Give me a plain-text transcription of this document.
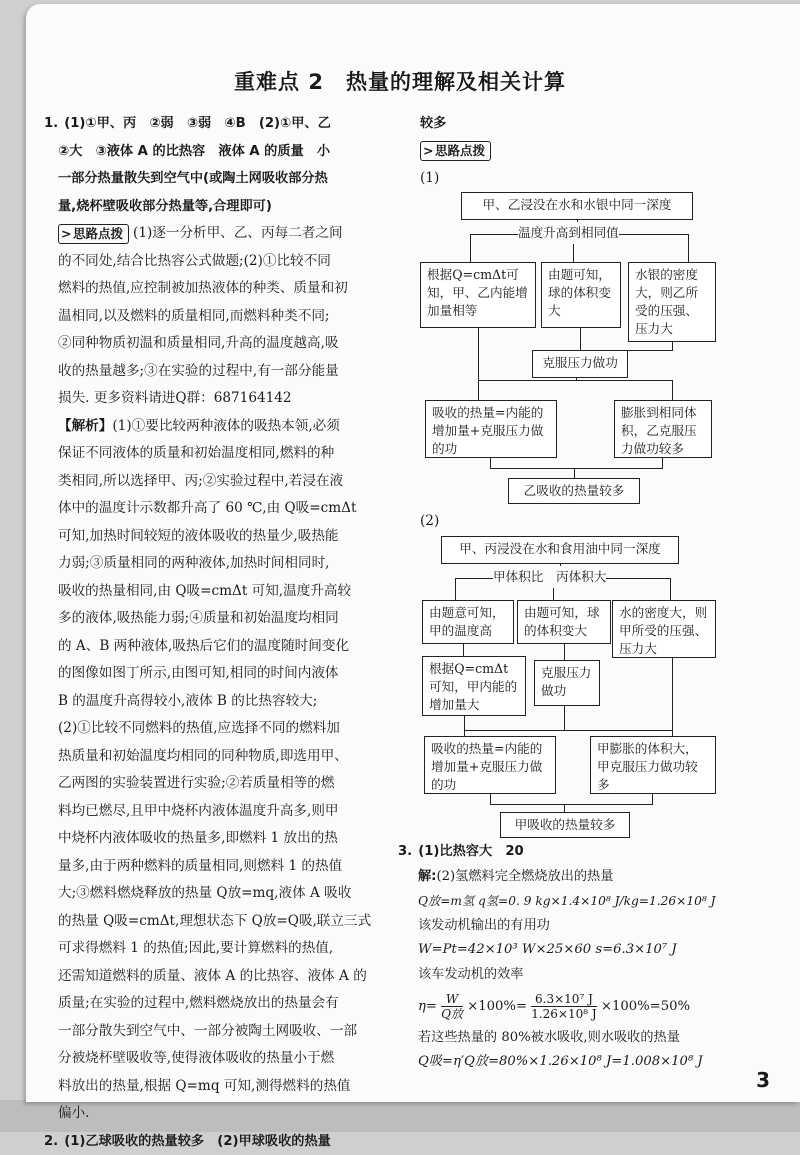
重难点 2　热量的理解及相关计算
1. (1)①甲、丙　②弱　③弱　④B　(2)①甲、乙
②大　③液体 A 的比热容　液体 A 的质量　小
一部分热量散失到空气中(或陶土网吸收部分热
量,烧杯壁吸收部分热量等,合理即可)
> 思路点拨 (1)逐一分析甲、乙、丙每二者之间
的不同处,结合比热容公式做题;(2)①比较不同
燃料的热值,应控制被加热液体的种类、质量和初
温相同,以及燃料的质量相同,而燃料种类不同;
②同种物质初温和质量相同,升高的温度越高,吸
收的热量越多;③在实验的过程中,有一部分能量
损失. 更多资料请进Q群：687164142
【解析】(1)①要比较两种液体的吸热本领,必须
保证不同液体的质量和初始温度相同,燃料的种
类相同,所以选择甲、丙;②实验过程中,若浸在液
体中的温度计示数都升高了 60 ℃,由 Q吸=cmΔt
可知,加热时间较短的液体吸收的热量少,吸热能
力弱;③质量相同的两种液体,加热时间相同时,
吸收的热量相同,由 Q吸=cmΔt 可知,温度升高较
多的液体,吸热能力弱;④质量和初始温度均相同
的 A、B 两种液体,吸热后它们的温度随时间变化
的图像如图丁所示,由图可知,相同的时间内液体
B 的温度升高得较小,液体 B 的比热容较大;
(2)①比较不同燃料的热值,应选择不同的燃料加
热质量和初始温度均相同的同种物质,即选用甲、
乙两图的实验装置进行实验;②若质量相等的燃
料均已燃尽,且甲中烧杯内液体温度升高多,则甲
中烧杯内液体吸收的热量多,即燃料 1 放出的热
量多,由于两种燃料的质量相同,则燃料 1 的热值
大;③燃料燃烧释放的热量 Q放=mq,液体 A 吸收
的热量 Q吸=cmΔt,理想状态下 Q放=Q吸,联立三式
可求得燃料 1 的热值;因此,要计算燃料的热值,
还需知道燃料的质量、液体 A 的比热容、液体 A 的
质量;在实验的过程中,燃料燃烧放出的热量会有
一部分散失到空气中、一部分被陶土网吸收、一部
分被烧杯壁吸收等,使得液体吸收的热量小于燃
料放出的热量,根据 Q=mq 可知,测得燃料的热值
偏小.
2. (1)乙球吸收的热量较多　(2)甲球吸收的热量
较多
> 思路点拨
(1)
甲、乙浸没在水和水银中同一深度
温度升高到相同值
根据Q=cmΔt可知，甲、乙内能增加量相等
由题可知，球的体积变大
水银的密度大，则乙所受的压强、压力大
克服压力做功
吸收的热量=内能的增加量+克服压力做的功
膨胀到相同体积，乙克服压力做功较多
乙吸收的热量较多
(2)
甲、丙浸没在水和食用油中同一深度
甲体积比　丙体积大
由题意可知，甲的温度高
由题可知，球的体积变大
水的密度大，则甲所受的压强、压力大
根据Q=cmΔt可知，甲内能的增加量大
克服压力做功
吸收的热量=内能的增加量+克服压力做的功
甲膨胀的体积大，甲克服压力做功较多
甲吸收的热量较多
3. (1)比热容大　20
解:(2)氢燃料完全燃烧放出的热量
Q放=m氢 q氢=0. 9 kg×1.4×10⁸ J/kg=1.26×10⁸ J
该发动机输出的有用功
W=Pt=42×10³ W×25×60 s=6.3×10⁷ J
该车发动机的效率
$\eta= \frac{W}{\text{Q放}} \times 100\%= \frac{\text{6.3×10⁷ J}}{\text{1.26×10⁸ J}} \times 100\%=50\%$
若这些热量的 80%被水吸收,则水吸收的热量
Q吸=η′Q放=80%×1.26×10⁸ J=1.008×10⁸ J
3
